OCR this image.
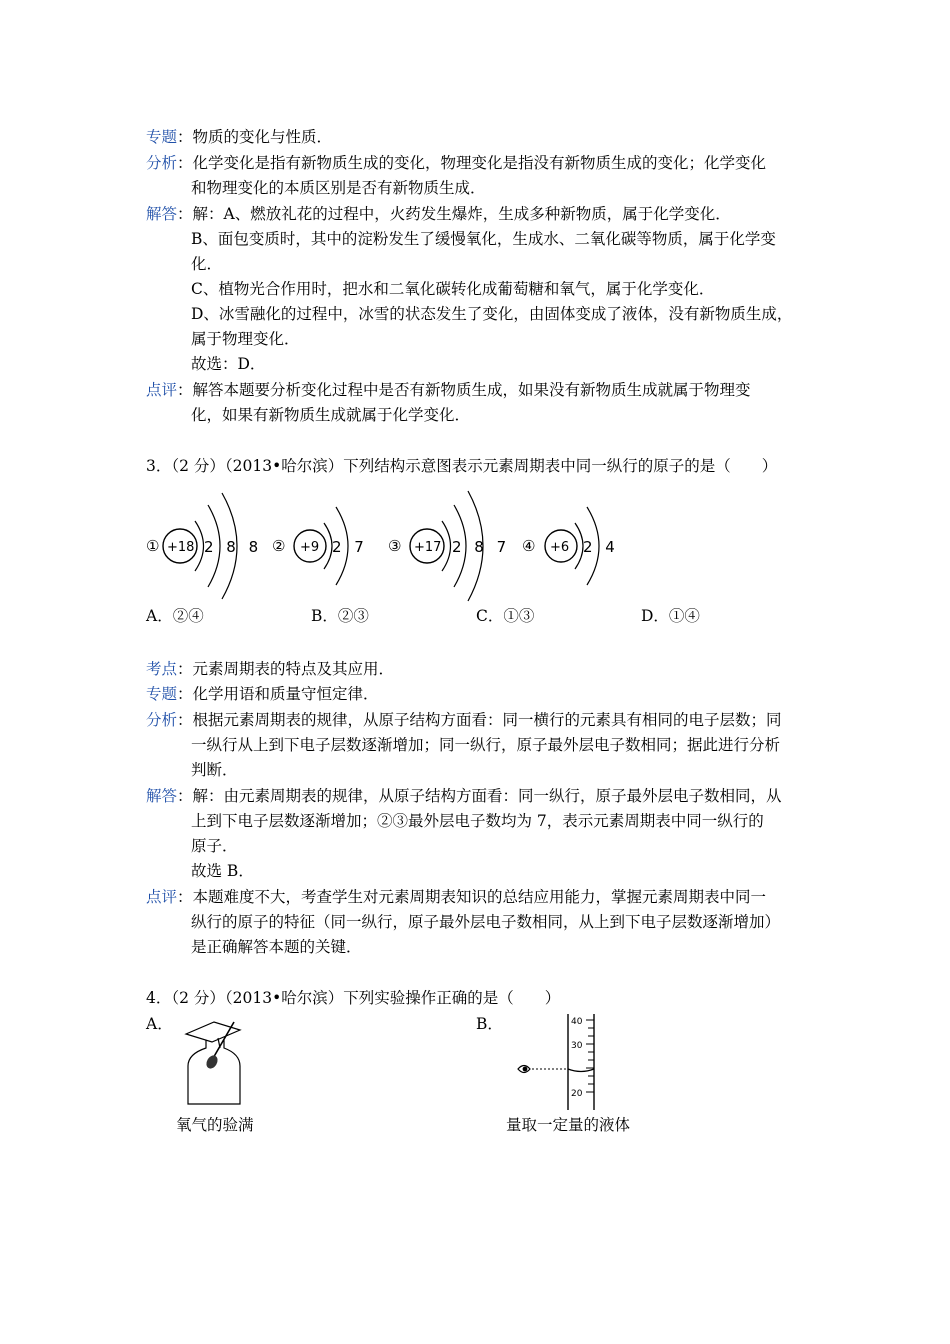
专题：物质的变化与性质．
分析：化学变化是指有新物质生成的变化，物理变化是指没有新物质生成的变化；化学变化
和物理变化的本质区别是否有新物质生成．
解答：解：A、燃放礼花的过程中，火药发生爆炸，生成多种新物质，属于化学变化．
B、面包变质时，其中的淀粉发生了缓慢氧化，生成水、二氧化碳等物质，属于化学变
化．
C、植物光合作用时，把水和二氧化碳转化成葡萄糖和氧气，属于化学变化．
D、冰雪融化的过程中，冰雪的状态发生了变化，由固体变成了液体，没有新物质生成，
属于物理变化．
故选：D．
点评：解答本题要分析变化过程中是否有新物质生成，如果没有新物质生成就属于物理变
化，如果有新物质生成就属于化学变化．
3．（2 分）（2013•哈尔滨）下列结构示意图表示元素周期表中同一纵行的原子的是（　　）
① +18 2 8 8 ② +9 2 7 ③ +17 2 8 7 ④ +6 2 4
A．②④	B．②③	C．①③	D．①④
考点：元素周期表的特点及其应用．
专题：化学用语和质量守恒定律．
分析：根据元素周期表的规律，从原子结构方面看：同一横行的元素具有相同的电子层数；同
一纵行从上到下电子层数逐渐增加；同一纵行，原子最外层电子数相同；据此进行分析
判断．
解答：解：由元素周期表的规律，从原子结构方面看：同一纵行，原子最外层电子数相同，从
上到下电子层数逐渐增加；②③最外层电子数均为 7，表示元素周期表中同一纵行的
原子．
故选 B．
点评：本题难度不大，考查学生对元素周期表知识的总结应用能力，掌握元素周期表中同一
纵行的原子的特征（同一纵行，原子最外层电子数相同，从上到下电子层数逐渐增加）
是正确解答本题的关键．
4．（2 分）（2013•哈尔滨）下列实验操作正确的是（　　）
A．
氧气的验满
B．	40
30
20
量取一定量的液体
